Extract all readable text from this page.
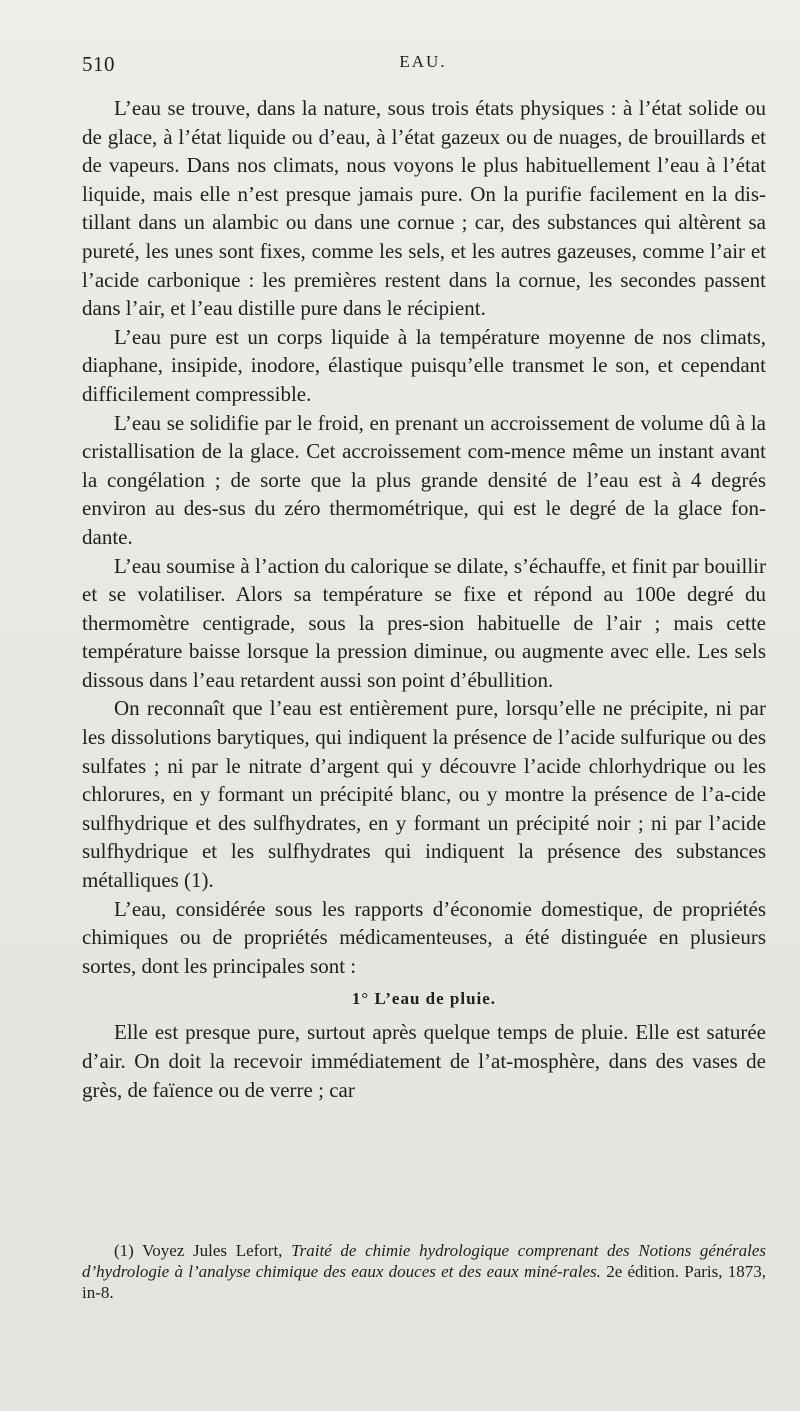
510	EAU.

L’eau se trouve, dans la nature, sous trois états physiques : à l’état solide ou de glace, à l’état liquide ou d’eau, à l’état gazeux ou de nuages, de brouillards et de vapeurs. Dans nos climats, nous voyons le plus habituellement l’eau à l’état liquide, mais elle n’est presque jamais pure. On la purifie facilement en la dis-tillant dans un alambic ou dans une cornue ; car, des substances qui altèrent sa pureté, les unes sont fixes, comme les sels, et les autres gazeuses, comme l’air et l’acide carbonique : les premières restent dans la cornue, les secondes passent dans l’air, et l’eau distille pure dans le récipient.

L’eau pure est un corps liquide à la température moyenne de nos climats, diaphane, insipide, inodore, élastique puisqu’elle transmet le son, et cependant difficilement compressible.

L’eau se solidifie par le froid, en prenant un accroissement de volume dû à la cristallisation de la glace. Cet accroissement com-mence même un instant avant la congélation ; de sorte que la plus grande densité de l’eau est à 4 degrés environ au des-sus du zéro thermométrique, qui est le degré de la glace fon-dante.

L’eau soumise à l’action du calorique se dilate, s’échauffe, et finit par bouillir et se volatiliser. Alors sa température se fixe et répond au 100e degré du thermomètre centigrade, sous la pres-sion habituelle de l’air ; mais cette température baisse lorsque la pression diminue, ou augmente avec elle. Les sels dissous dans l’eau retardent aussi son point d’ébullition.

On reconnaît que l’eau est entièrement pure, lorsqu’elle ne précipite, ni par les dissolutions barytiques, qui indiquent la présence de l’acide sulfurique ou des sulfates ; ni par le nitrate d’argent qui y découvre l’acide chlorhydrique ou les chlorures, en y formant un précipité blanc, ou y montre la présence de l’a-cide sulfhydrique et des sulfhydrates, en y formant un précipité noir ; ni par l’acide sulfhydrique et les sulfhydrates qui indiquent la présence des substances métalliques (1).

L’eau, considérée sous les rapports d’économie domestique, de propriétés chimiques ou de propriétés médicamenteuses, a été distinguée en plusieurs sortes, dont les principales sont :

1° L’eau de pluie.

Elle est presque pure, surtout après quelque temps de pluie. Elle est saturée d’air. On doit la recevoir immédiatement de l’at-mosphère, dans des vases de grès, de faïence ou de verre ; car

(1) Voyez Jules Lefort, Traité de chimie hydrologique comprenant des Notions générales d’hydrologie à l’analyse chimique des eaux douces et des eaux miné-rales. 2e édition. Paris, 1873, in-8.
